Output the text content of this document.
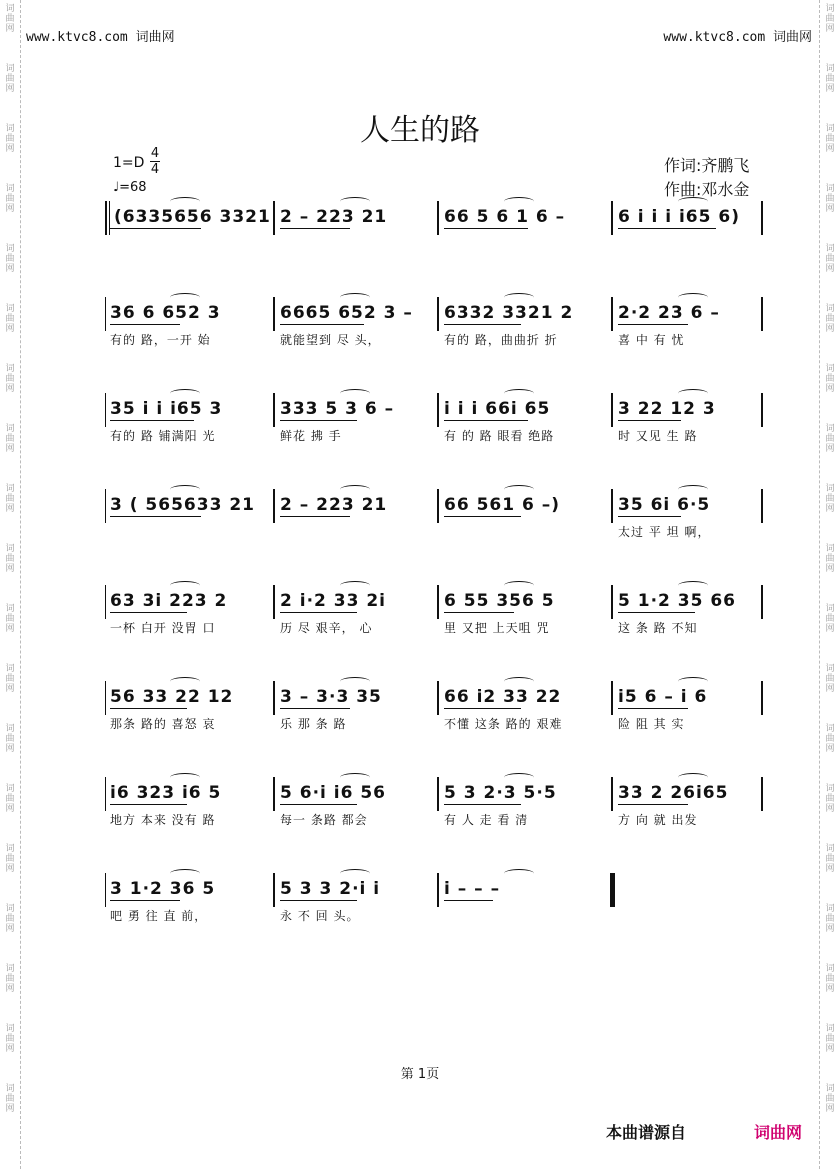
词曲网
词曲网
词曲网
词曲网
词曲网
词曲网
词曲网
词曲网
词曲网
词曲网
词曲网
词曲网
词曲网
词曲网
词曲网
词曲网
词曲网
词曲网
词曲网
词曲网
词曲网
词曲网
词曲网
词曲网
词曲网
词曲网
词曲网
词曲网
词曲网
词曲网
词曲网
词曲网
词曲网
词曲网
词曲网
词曲网
词曲网
词曲网
www.ktvc8.com 词曲网	www.ktvc8.com 词曲网
人生的路
1=D
4
4
♩=68
作词:齐鹏飞
作曲:邓水金
(6335656 3321 2 – 223 21	66 5 6 1 6 –	6 i i i i65 6)
36 6 652 3
有的 路，一开 始
6665 652 3 –
就能望到 尽 头，
6332 3321 2
有的 路，曲曲折 折
2·2 23 6 –
喜 中 有 忧
35 i i i65 3
有的 路 铺满阳 光
333 5 3 6 –
鲜花 拂 手
i i i 66i 65
有 的 路 眼看 绝路
3 22 12 3
时 又见 生 路
3 ( 565633 21 2 – 223 21	66 561 6 –)	35 6i 6·5
太过 平 坦 啊，
63 3i 223 2
一杯 白开 没胃 口
2 i·2 33 2i
历 尽 艰辛， 心
6 55 356 5
里 又把 上天咀 咒
5 1·2 35 66
这 条 路 不知
56 33 22 12
那条 路的 喜怒 哀
3 – 3·3 35
乐 那 条 路
66 i2 33 22
不懂 这条 路的 艰难
i5 6 – i 6
险 阻 其 实
i6 323 i6 5
地方 本来 没有 路
5 6·i i6 56
每一 条路 都会
5 3 2·3 5·5
有 人 走 看 清
33 2 26i65
方 向 就 出发
3 1·2 36 5
吧 勇 往 直 前，
5 3 3 2·i i
永 不 回 头。
i – – –
第 1页
本曲谱源自	词曲网
